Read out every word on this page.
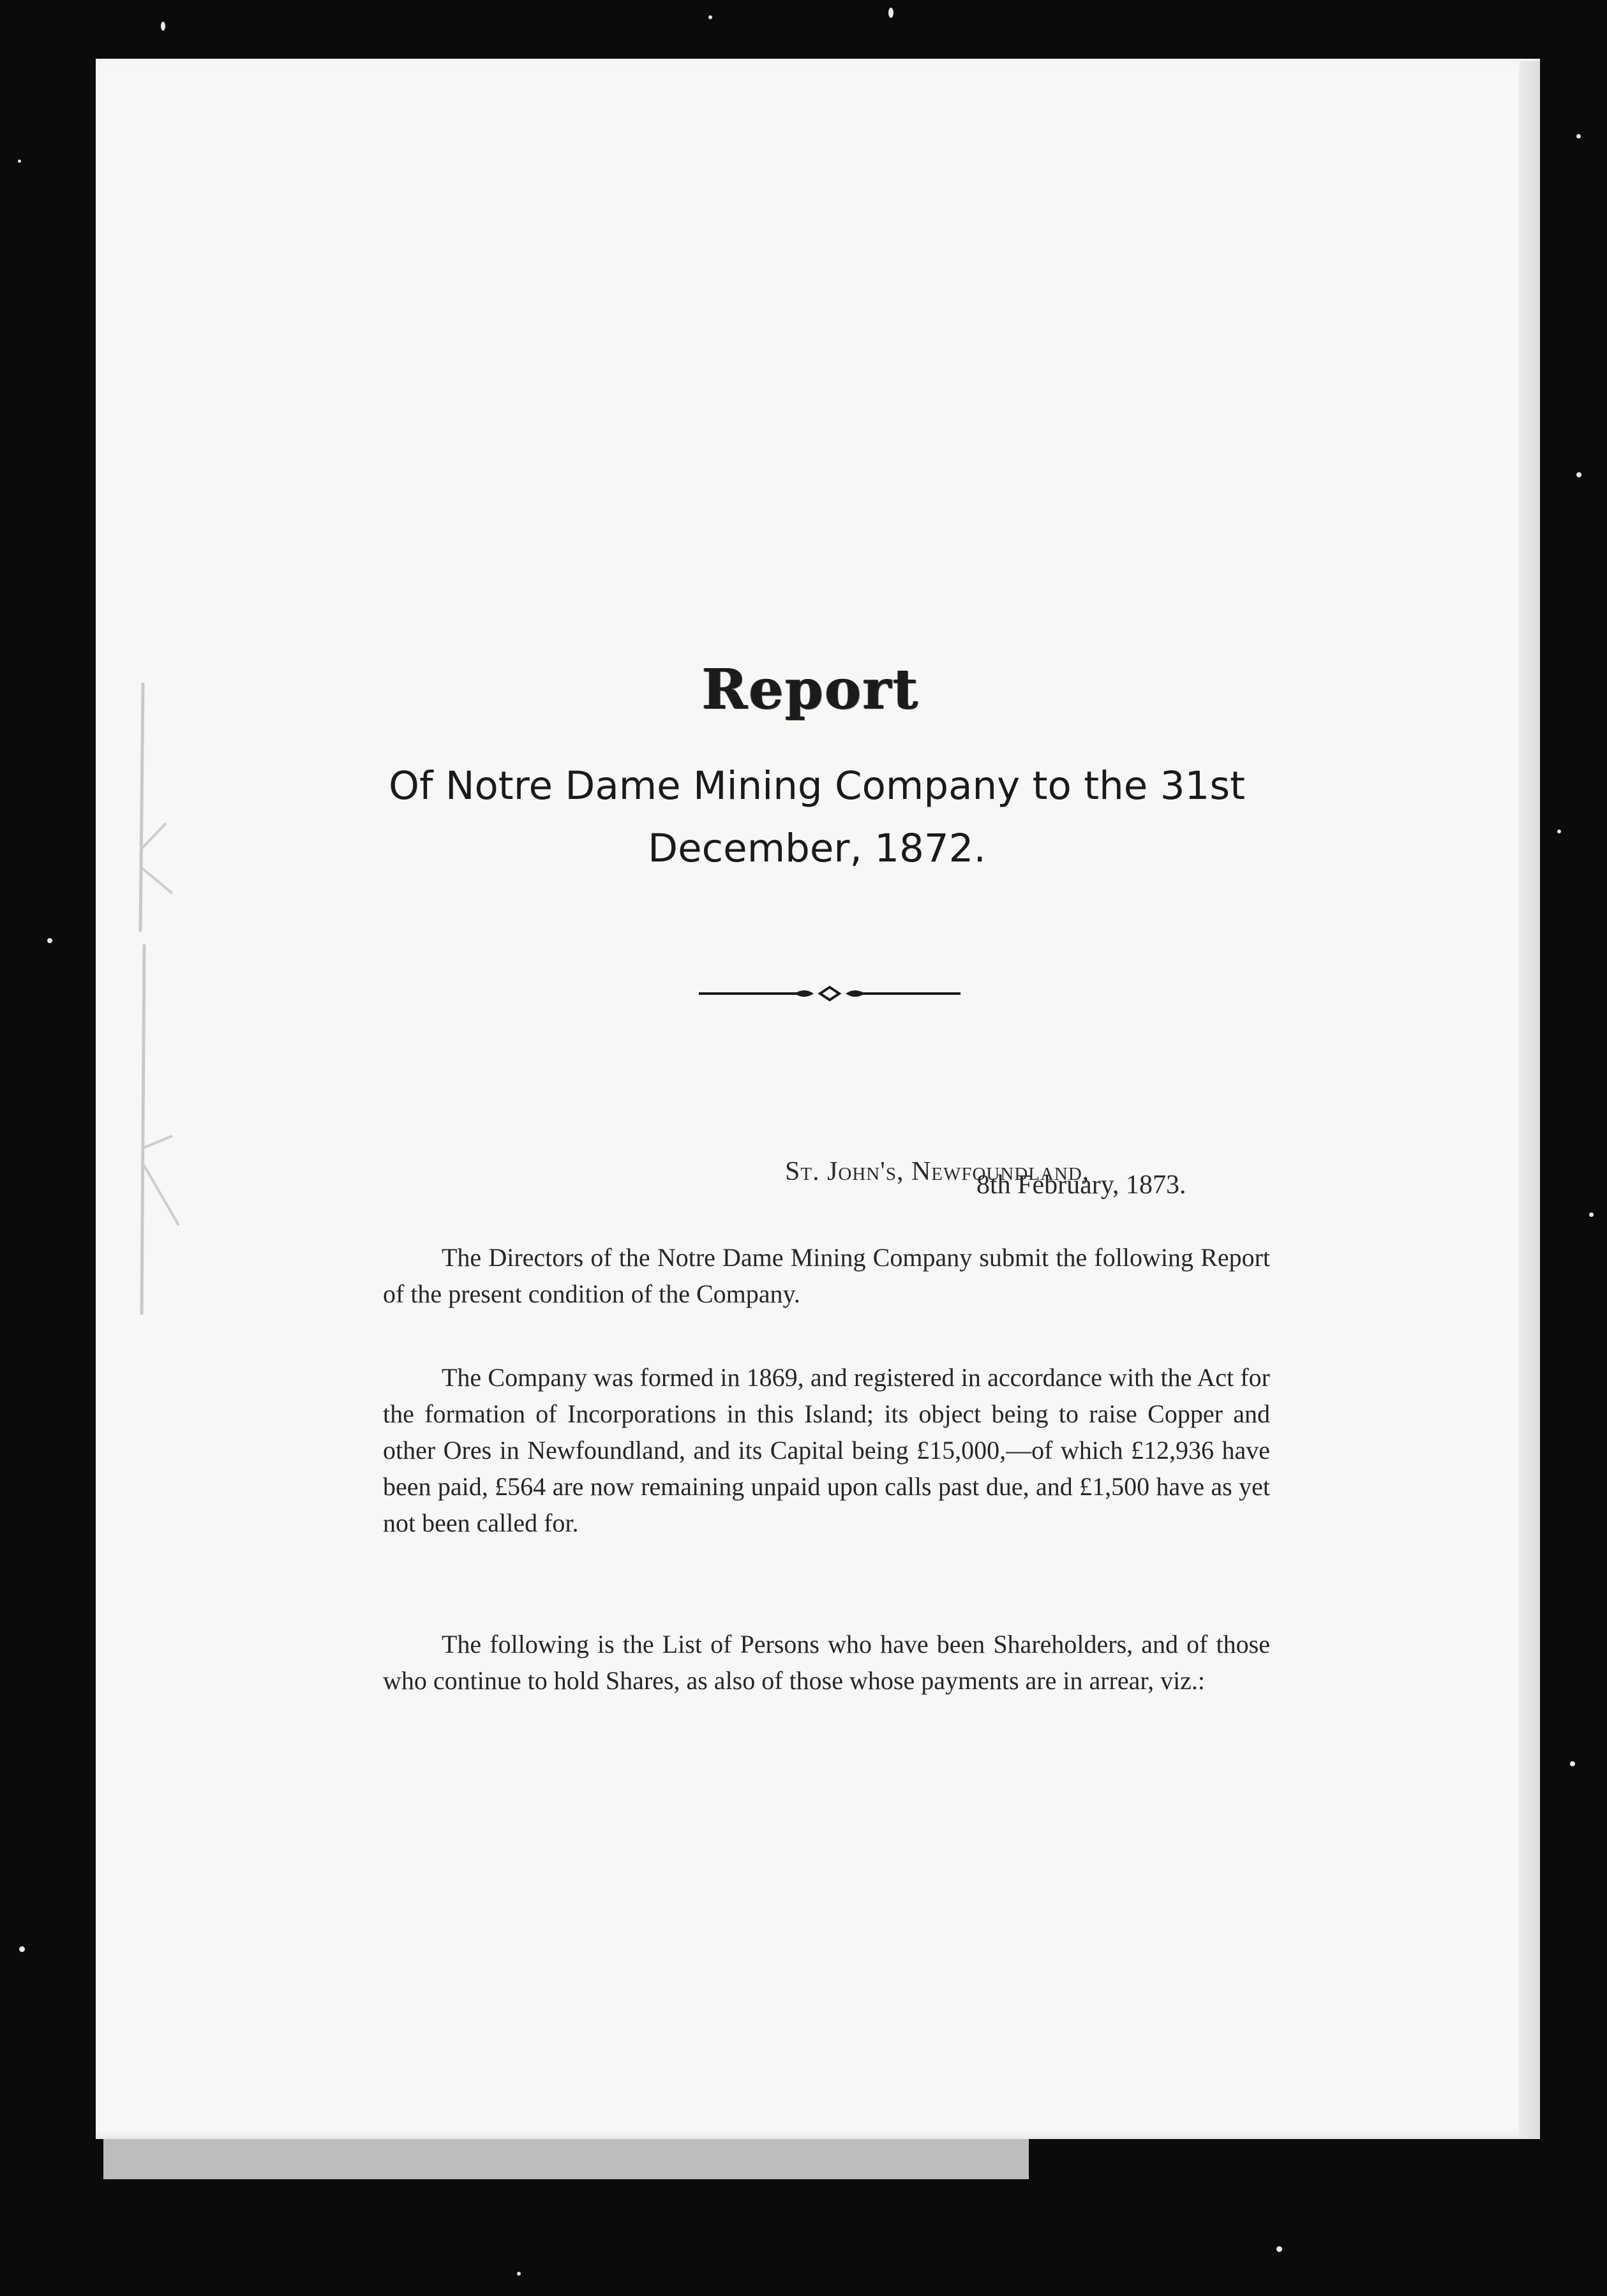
Report
Of Notre Dame Mining Company to the 31st December, 1872.
St. John's, Newfoundland,
8th February, 1873.

The Directors of the Notre Dame Mining Company submit the following Report of the present condition of the Company.

The Company was formed in 1869, and registered in accordance with the Act for the formation of Incorporations in this Island; its object being to raise Copper and other Ores in Newfoundland, and its Capital being £15,000,—of which £12,936 have been paid, £564 are now remaining unpaid upon calls past due, and £1,500 have as yet not been called for.

The following is the List of Persons who have been Shareholders, and of those who continue to hold Shares, as also of those whose payments are in arrear, viz.:
